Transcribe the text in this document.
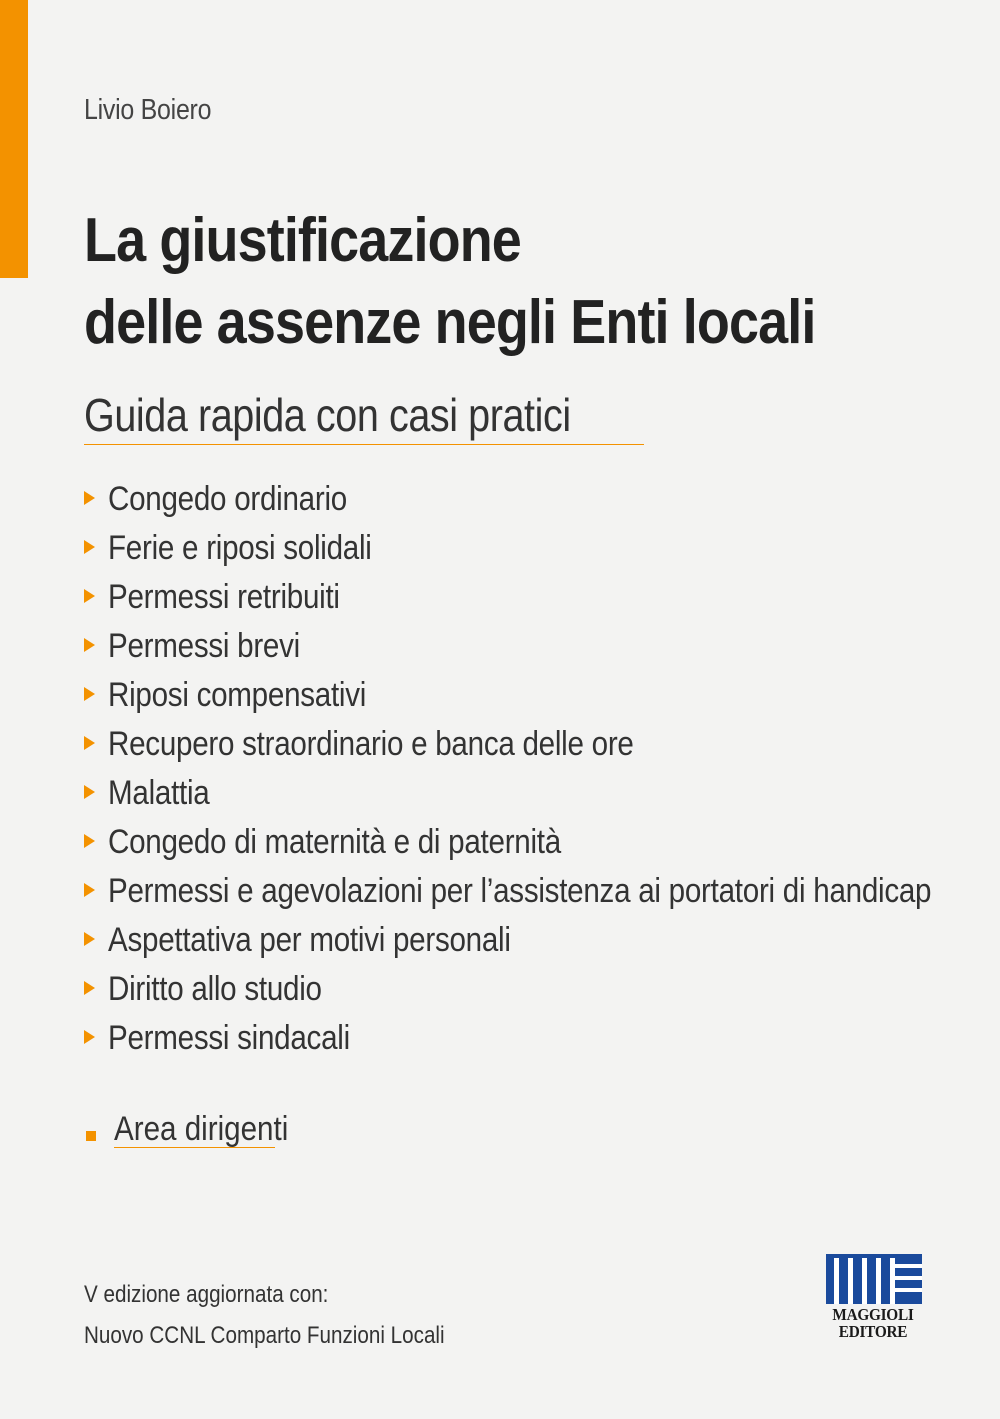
Livio Boiero
La giustificazione
delle assenze negli Enti locali
Guida rapida con casi pratici
Congedo ordinario
Ferie e riposi solidali
Permessi retribuiti
Permessi brevi
Riposi compensativi
Recupero straordinario e banca delle ore
Malattia
Congedo di maternità e di paternità
Permessi e agevolazioni per l’assistenza ai portatori di handicap
Aspettativa per motivi personali
Diritto allo studio
Permessi sindacali
Area dirigenti
V edizione aggiornata con:
Nuovo CCNL Comparto Funzioni Locali
MAGGIOLI
EDITORE
